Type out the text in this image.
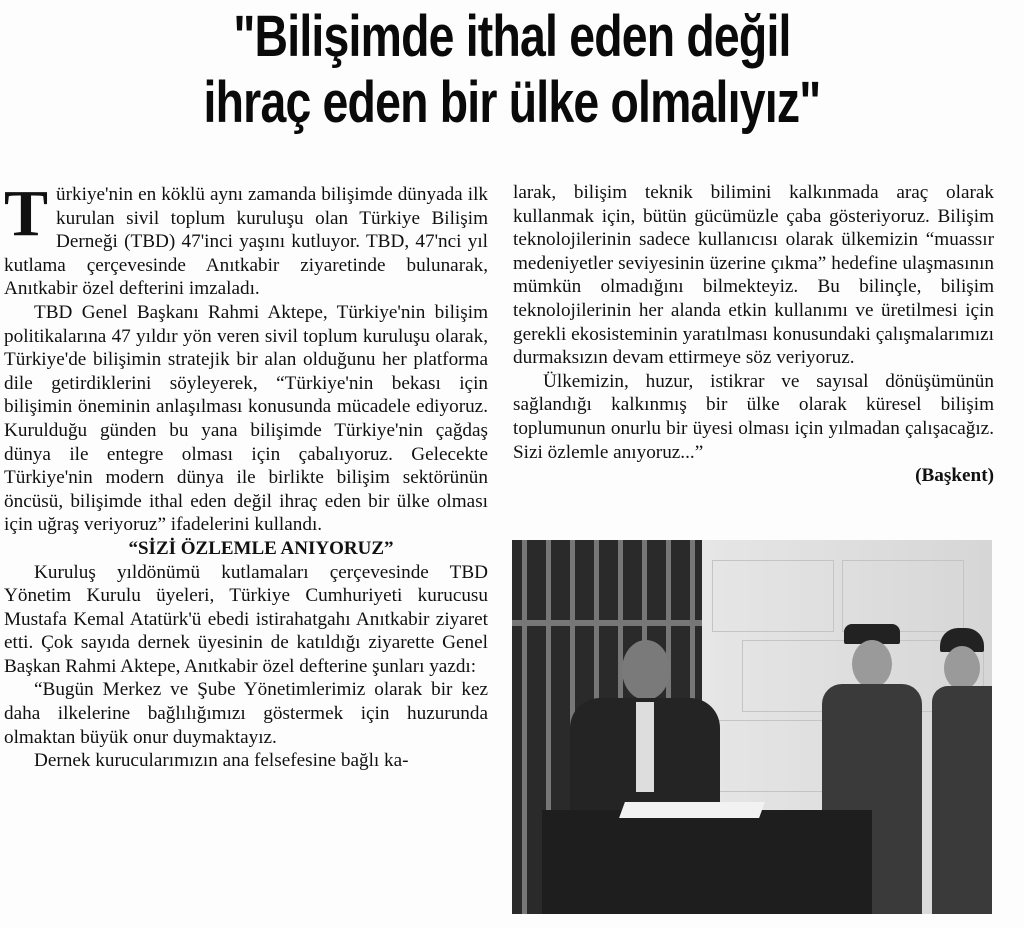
"Bilişimde ithal eden değil
ihraç eden bir ülke olmalıyız"

Türkiye'nin en köklü aynı zamanda bilişimde dünyada ilk kurulan sivil toplum kuruluşu olan Türkiye Bilişim Derneği (TBD) 47'inci yaşını kutluyor. TBD, 47'nci yıl kutlama çerçevesinde Anıtkabir ziyaretinde bulunarak, Anıtkabir özel defterini imzaladı.

TBD Genel Başkanı Rahmi Aktepe, Türkiye'nin bilişim politikalarına 47 yıldır yön veren sivil toplum kuruluşu olarak, Türkiye'de bilişimin stratejik bir alan olduğunu her platforma dile getirdiklerini söyleyerek, “Türkiye'nin bekası için bilişimin öneminin anlaşılması konusunda mücadele ediyoruz. Kurulduğu günden bu yana bilişimde Türkiye'nin çağdaş dünya ile entegre olması için çabalıyoruz. Gelecekte Türkiye'nin modern dünya ile birlikte bilişim sektörünün öncüsü, bilişimde ithal eden değil ihraç eden bir ülke olması için uğraş veriyoruz” ifadelerini kullandı.

“SİZİ ÖZLEMLE ANIYORUZ”

Kuruluş yıldönümü kutlamaları çerçevesinde TBD Yönetim Kurulu üyeleri, Türkiye Cumhuriyeti kurucusu Mustafa Kemal Atatürk'ü ebedi istirahatgahı Anıtkabir ziyaret etti. Çok sayıda dernek üyesinin de katıldığı ziyarette Genel Başkan Rahmi Aktepe, Anıtkabir özel defterine şunları yazdı:

“Bugün Merkez ve Şube Yönetimlerimiz olarak bir kez daha ilkelerine bağlılığımızı göstermek için huzurunda olmaktan büyük onur duymaktayız.

Dernek kurucularımızın ana felsefesine bağlı ka-

larak, bilişim teknik bilimini kalkınmada araç olarak kullanmak için, bütün gücümüzle çaba gösteriyoruz. Bilişim teknolojilerinin sadece kullanıcısı olarak ülkemizin “muassır medeniyetler seviyesinin üzerine çıkma” hedefine ulaşmasının mümkün olmadığını bilmekteyiz. Bu bilinçle, bilişim teknolojilerinin her alanda etkin kullanımı ve üretilmesi için gerekli ekosisteminin yaratılması konusundaki çalışmalarımızı durmaksızın devam ettirmeye söz veriyoruz.

Ülkemizin, huzur, istikrar ve sayısal dönüşümünün sağlandığı kalkınmış bir ülke olarak küresel bilişim toplumunun onurlu bir üyesi olması için yılmadan çalışacağız. Sizi özlemle anıyoruz...”

(Başkent)
